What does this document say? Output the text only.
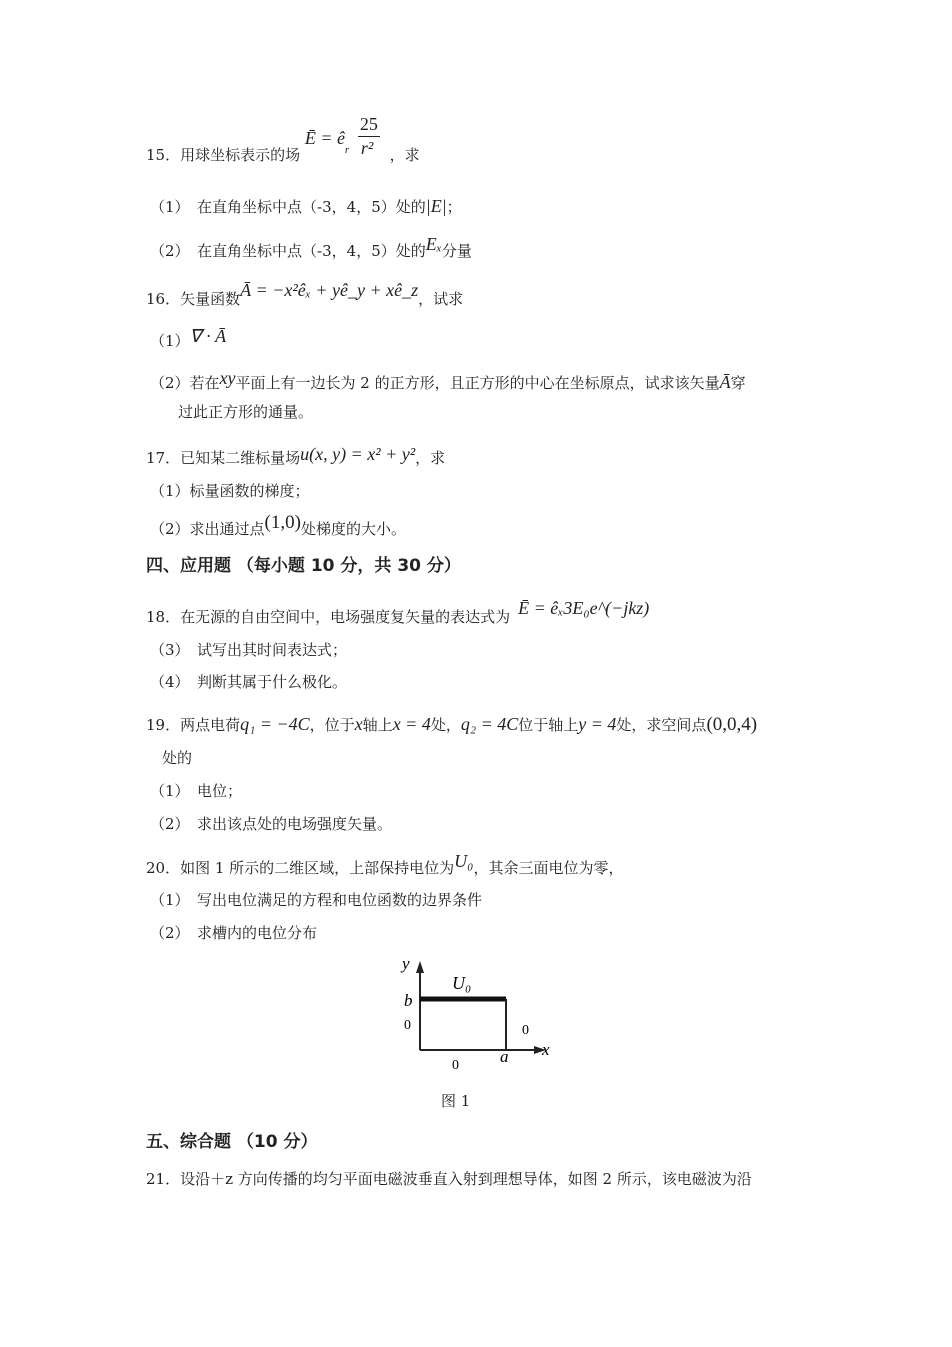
15．用球坐标表示的场
Ē = ê
r
25
r² ，求
（1）　在直角坐标中点（-3，4，5）处的|E|；
（2）　在直角坐标中点（-3，4，5）处的Eₓ分量
16．矢量函数Ā = −x²êₓ + yê_y + xê_z，试求
（1）∇ · Ā
（2）若在xy平面上有一边长为 2 的正方形，且正方形的中心在坐标原点，试求该矢量Ā穿
过此正方形的通量。
17．已知某二维标量场u(x, y) = x² + y²，求
（1）标量函数的梯度；
（2）求出通过点(1,0)处梯度的大小。
四、应用题 （每小题 10 分，共 30 分）
18．在无源的自由空间中，电场强度复矢量的表达式为 Ē = êₓ3E₀e^(−jkz)
（3）　试写出其时间表达式；
（4）　判断其属于什么极化。
19．两点电荷q₁ = −4C，位于x轴上x = 4处，q₂ = 4C位于轴上y = 4处，求空间点(0,0,4)
处的
（1）　电位；
（2）　求出该点处的电场强度矢量。
20．如图 1 所示的二维区域，上部保持电位为U₀，其余三面电位为零，
（1）　写出电位满足的方程和电位函数的边界条件
（2）　求槽内的电位分布
y
x
b
a
U₀
0	0
0
图 1
五、综合题 （10 分）
21．设沿＋z 方向传播的均匀平面电磁波垂直入射到理想导体，如图 2 所示，该电磁波为沿
